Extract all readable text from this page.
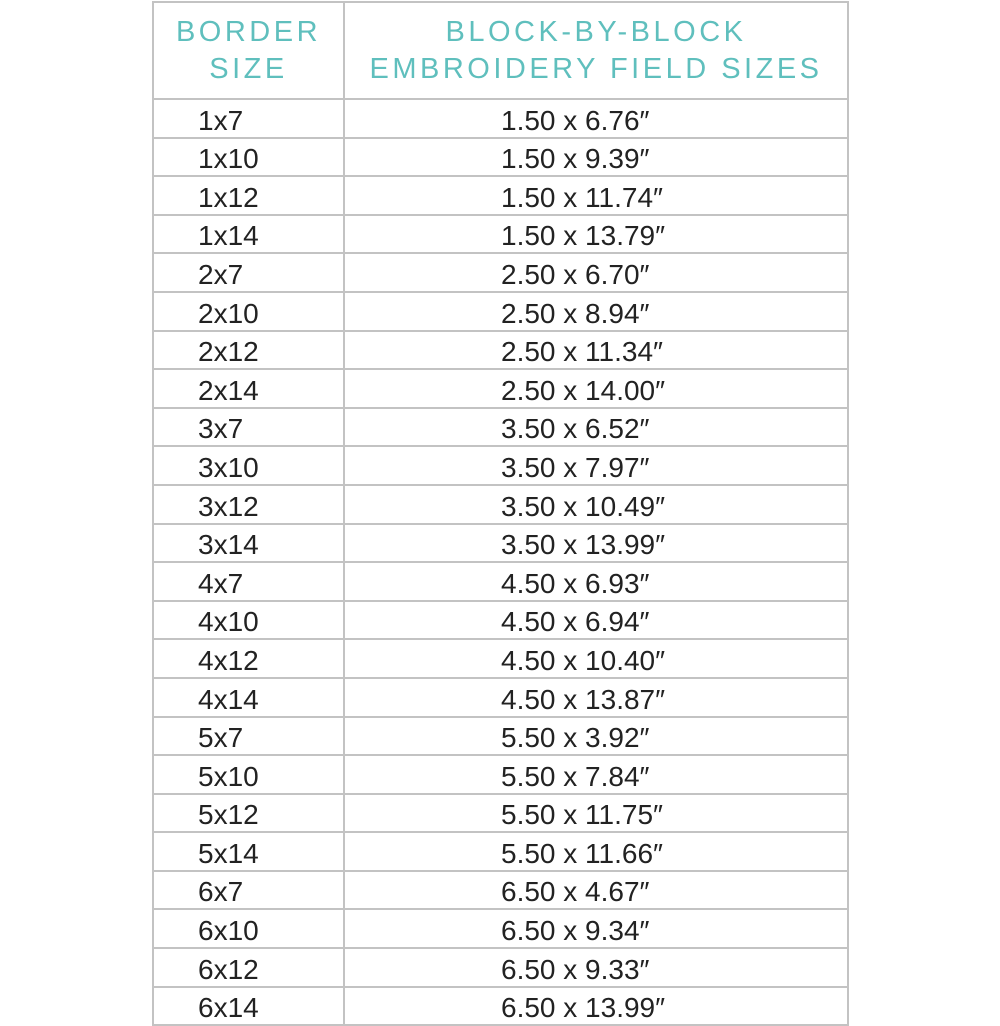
BORDER
SIZE	BLOCK-BY-BLOCK
EMBROIDERY FIELD SIZES

1x7	1.50 x 6.76″
1x10	1.50 x 9.39″
1x12	1.50 x 11.74″
1x14	1.50 x 13.79″
2x7	2.50 x 6.70″
2x10	2.50 x 8.94″
2x12	2.50 x 11.34″
2x14	2.50 x 14.00″
3x7	3.50 x 6.52″
3x10	3.50 x 7.97″
3x12	3.50 x 10.49″
3x14	3.50 x 13.99″
4x7	4.50 x 6.93″
4x10	4.50 x 6.94″
4x12	4.50 x 10.40″
4x14	4.50 x 13.87″
5x7	5.50 x 3.92″
5x10	5.50 x 7.84″
5x12	5.50 x 11.75″
5x14	5.50 x 11.66″
6x7	6.50 x 4.67″
6x10	6.50 x 9.34″
6x12	6.50 x 9.33″
6x14	6.50 x 13.99″
